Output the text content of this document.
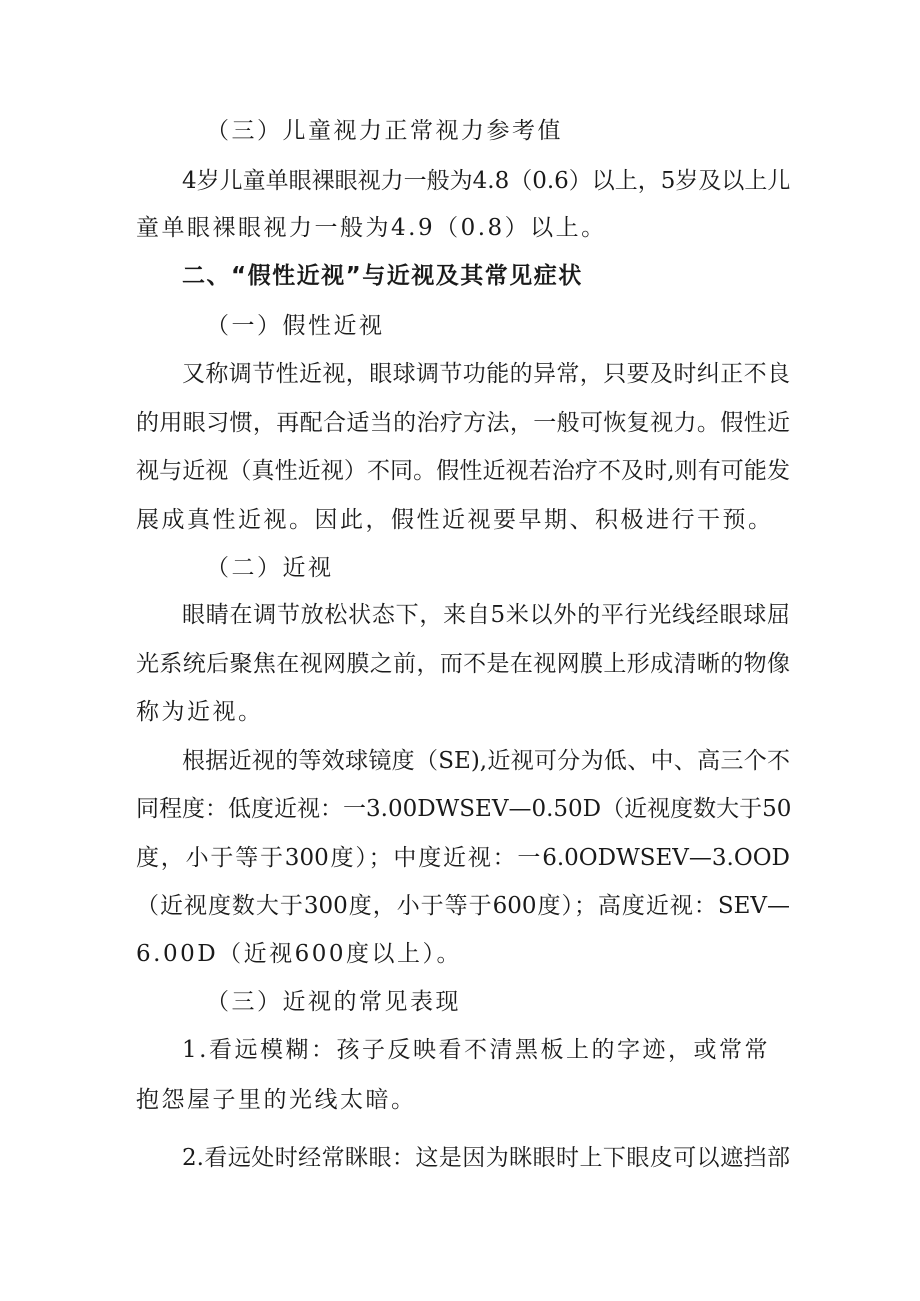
（三）儿童视力正常视力参考值
4岁儿童单眼裸眼视力一般为4.8（0.6）以上，5岁及以上儿
童单眼裸眼视力一般为4.9（0.8）以上。
二、“假性近视”与近视及其常见症状
（一）假性近视
又称调节性近视，眼球调节功能的异常，只要及时纠正不良
的用眼习惯，再配合适当的治疗方法，一般可恢复视力。假性近
视与近视（真性近视）不同。假性近视若治疗不及时,则有可能发
展成真性近视。因此，假性近视要早期、积极进行干预。
（二）近视
眼睛在调节放松状态下，来自5米以外的平行光线经眼球屈
光系统后聚焦在视网膜之前，而不是在视网膜上形成清晰的物像
称为近视。
根据近视的等效球镜度（SE),近视可分为低、中、高三个不
同程度：低度近视：一3.00DWSEV—0.50D（近视度数大于50
度，小于等于300度）；中度近视：一6.0ODWSEV—3.OOD
（近视度数大于300度，小于等于600度）；高度近视：SEV—
6.00D（近视600度以上）。
（三）近视的常见表现
1.看远模糊：孩子反映看不清黑板上的字迹，或常常
抱怨屋子里的光线太暗。
2.看远处时经常眯眼：这是因为眯眼时上下眼皮可以遮挡部
